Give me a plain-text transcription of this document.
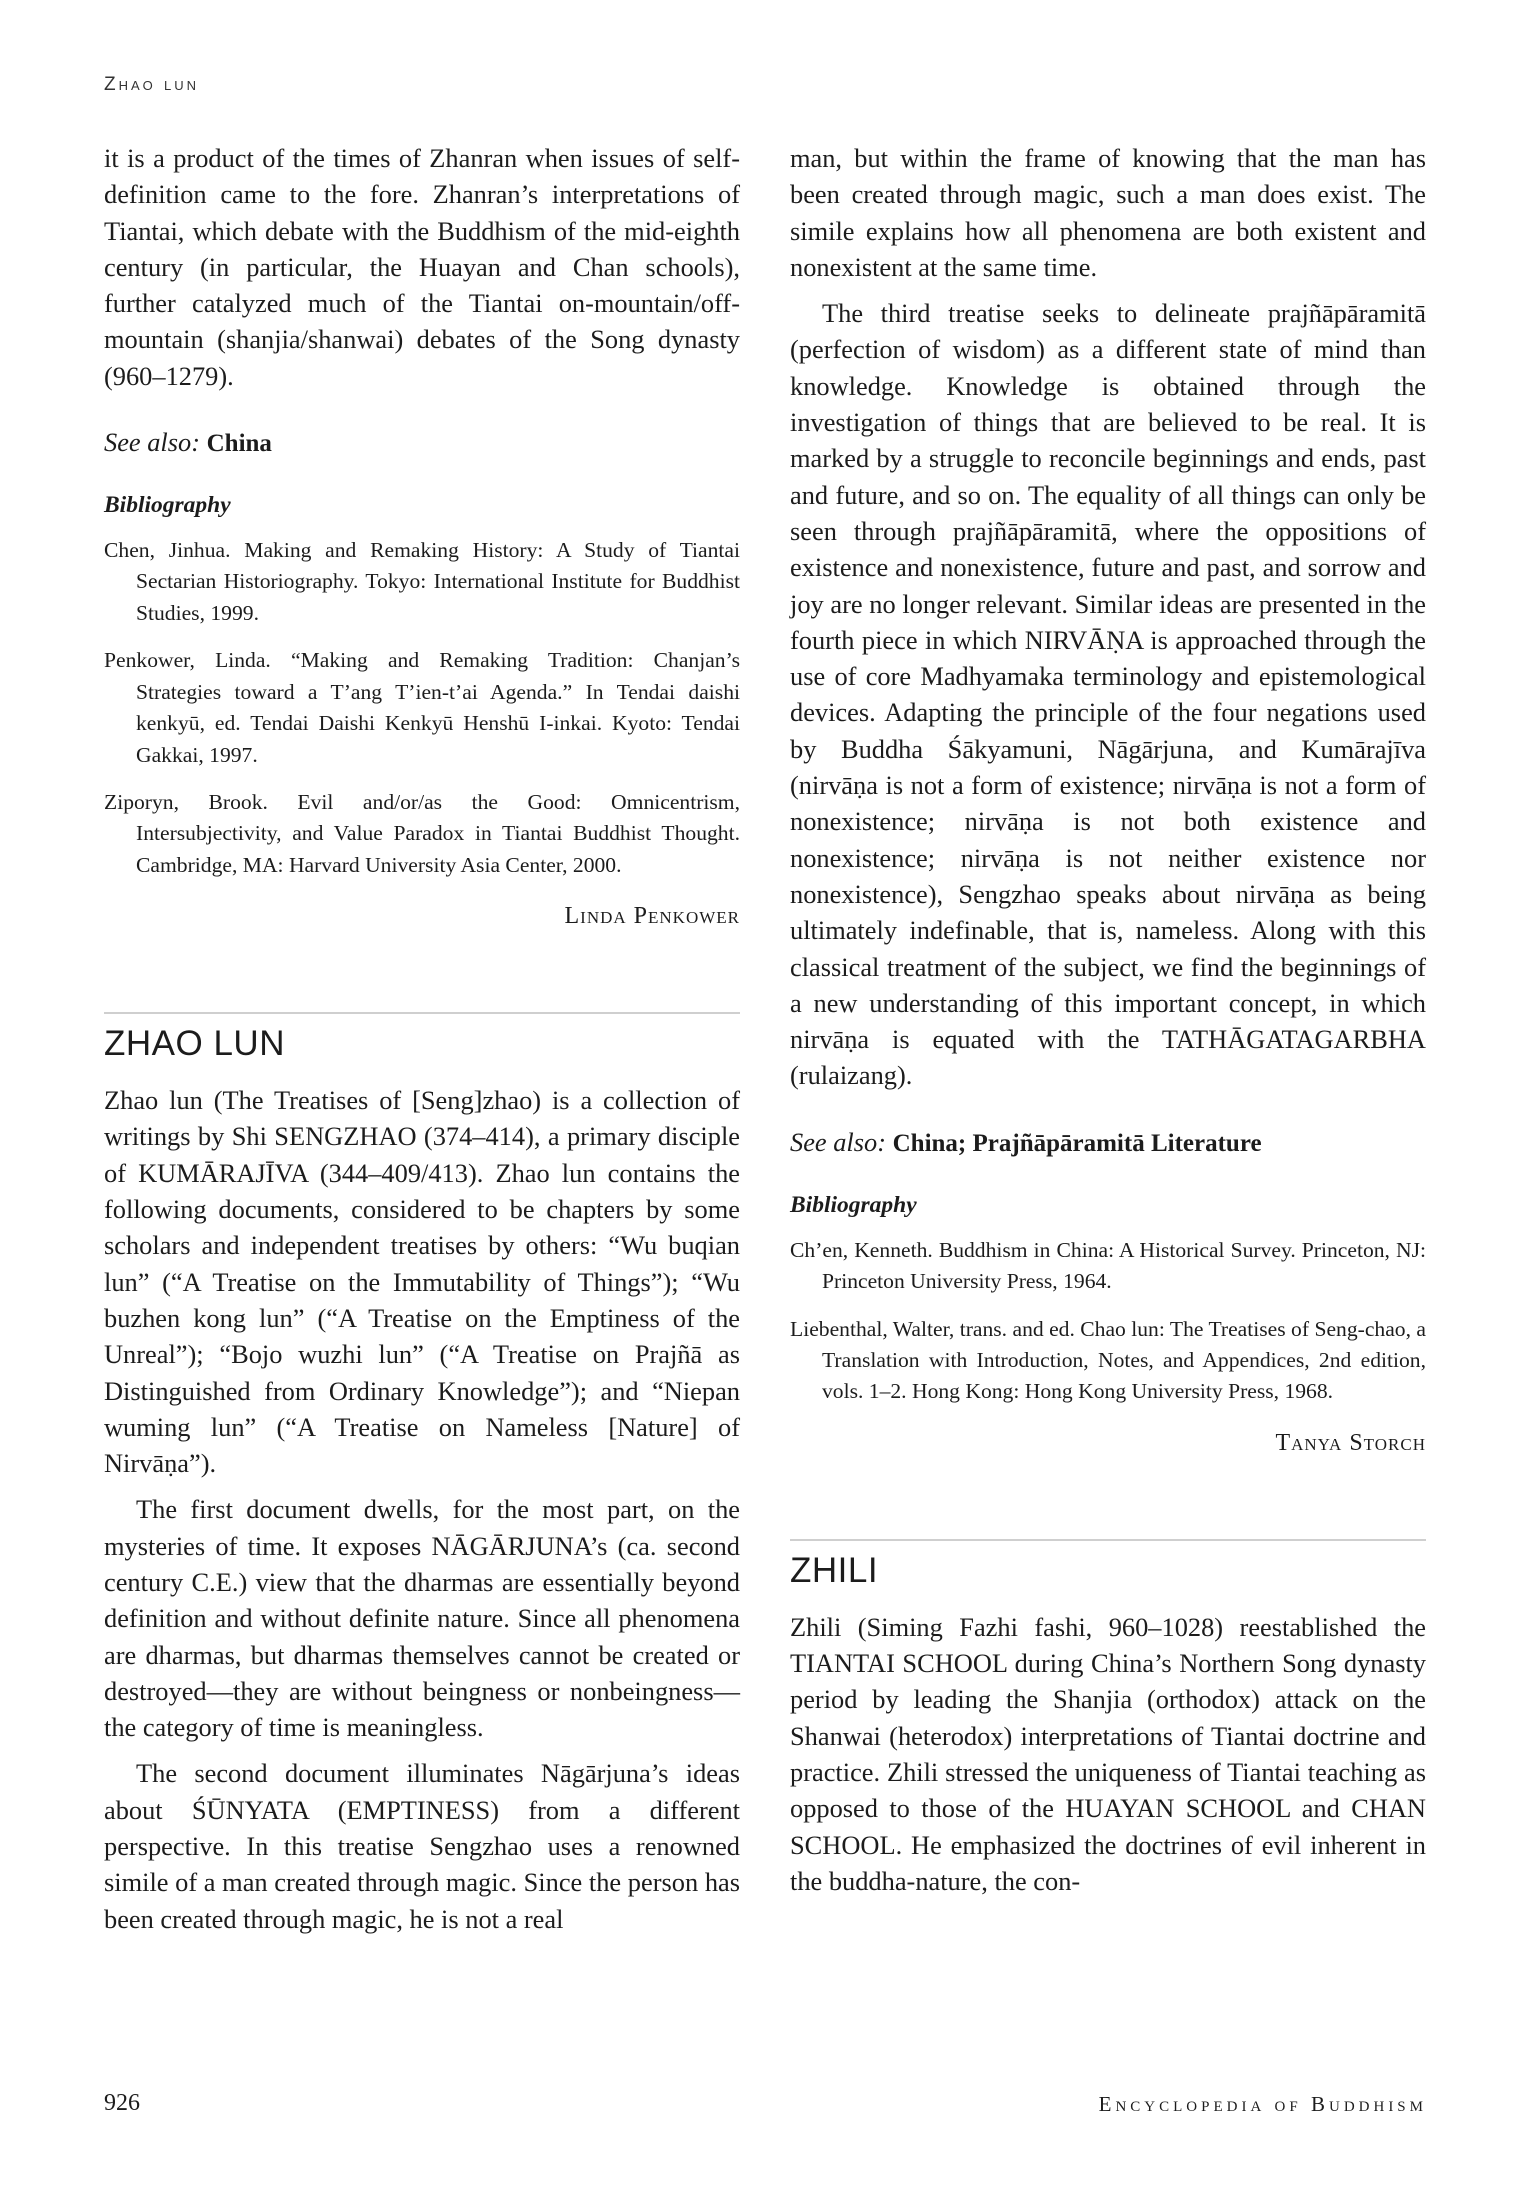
Zhao lun

it is a product of the times of Zhanran when issues of self-definition came to the fore. Zhanran’s interpretations of Tiantai, which debate with the Buddhism of the mid-eighth century (in particular, the Huayan and Chan schools), further catalyzed much of the Tiantai on-mountain/off-mountain (shanjia/shanwai) debates of the Song dynasty (960–1279).

See also: China

Bibliography

Chen, Jinhua. Making and Remaking History: A Study of Tiantai Sectarian Historiography. Tokyo: International Institute for Buddhist Studies, 1999.

Penkower, Linda. “Making and Remaking Tradition: Chanjan’s Strategies toward a T’ang T’ien-t’ai Agenda.” In Tendai daishi kenkyū, ed. Tendai Daishi Kenkyū Henshū I-inkai. Kyoto: Tendai Gakkai, 1997.

Ziporyn, Brook. Evil and/or/as the Good: Omnicentrism, Intersubjectivity, and Value Paradox in Tiantai Buddhist Thought. Cambridge, MA: Harvard University Asia Center, 2000.

Linda Penkower

ZHAO LUN

Zhao lun (The Treatises of [Seng]zhao) is a collection of writings by Shi SENGZHAO (374–414), a primary disciple of KUMĀRAJĪVA (344–409/413). Zhao lun contains the following documents, considered to be chapters by some scholars and independent treatises by others: “Wu buqian lun” (“A Treatise on the Immutability of Things”); “Wu buzhen kong lun” (“A Treatise on the Emptiness of the Unreal”); “Bojo wuzhi lun” (“A Treatise on Prajñā as Distinguished from Ordinary Knowledge”); and “Niepan wuming lun” (“A Treatise on Nameless [Nature] of Nirvāṇa”).

The first document dwells, for the most part, on the mysteries of time. It exposes NĀGĀRJUNA’s (ca. second century C.E.) view that the dharmas are essentially beyond definition and without definite nature. Since all phenomena are dharmas, but dharmas themselves cannot be created or destroyed—they are without beingness or nonbeingness—the category of time is meaningless.

The second document illuminates Nāgārjuna’s ideas about ŚŪNYATA (EMPTINESS) from a different perspective. In this treatise Sengzhao uses a renowned simile of a man created through magic. Since the person has been created through magic, he is not a real

man, but within the frame of knowing that the man has been created through magic, such a man does exist. The simile explains how all phenomena are both existent and nonexistent at the same time.

The third treatise seeks to delineate prajñāpāramitā (perfection of wisdom) as a different state of mind than knowledge. Knowledge is obtained through the investigation of things that are believed to be real. It is marked by a struggle to reconcile beginnings and ends, past and future, and so on. The equality of all things can only be seen through prajñāpāramitā, where the oppositions of existence and nonexistence, future and past, and sorrow and joy are no longer relevant. Similar ideas are presented in the fourth piece in which NIRVĀṆA is approached through the use of core Madhyamaka terminology and epistemological devices. Adapting the principle of the four negations used by Buddha Śākyamuni, Nāgārjuna, and Kumārajīva (nirvāṇa is not a form of existence; nirvāṇa is not a form of nonexistence; nirvāṇa is not both existence and nonexistence; nirvāṇa is not neither existence nor nonexistence), Sengzhao speaks about nirvāṇa as being ultimately indefinable, that is, nameless. Along with this classical treatment of the subject, we find the beginnings of a new understanding of this important concept, in which nirvāṇa is equated with the TATHĀGATAGARBHA (rulaizang).

See also: China; Prajñāpāramitā Literature

Bibliography

Ch’en, Kenneth. Buddhism in China: A Historical Survey. Princeton, NJ: Princeton University Press, 1964.

Liebenthal, Walter, trans. and ed. Chao lun: The Treatises of Seng-chao, a Translation with Introduction, Notes, and Appendices, 2nd edition, vols. 1–2. Hong Kong: Hong Kong University Press, 1968.

Tanya Storch

ZHILI

Zhili (Siming Fazhi fashi, 960–1028) reestablished the TIANTAI SCHOOL during China’s Northern Song dynasty period by leading the Shanjia (orthodox) attack on the Shanwai (heterodox) interpretations of Tiantai doctrine and practice. Zhili stressed the uniqueness of Tiantai teaching as opposed to those of the HUAYAN SCHOOL and CHAN SCHOOL. He emphasized the doctrines of evil inherent in the buddha-nature, the con-

926	Encyclopedia of Buddhism
